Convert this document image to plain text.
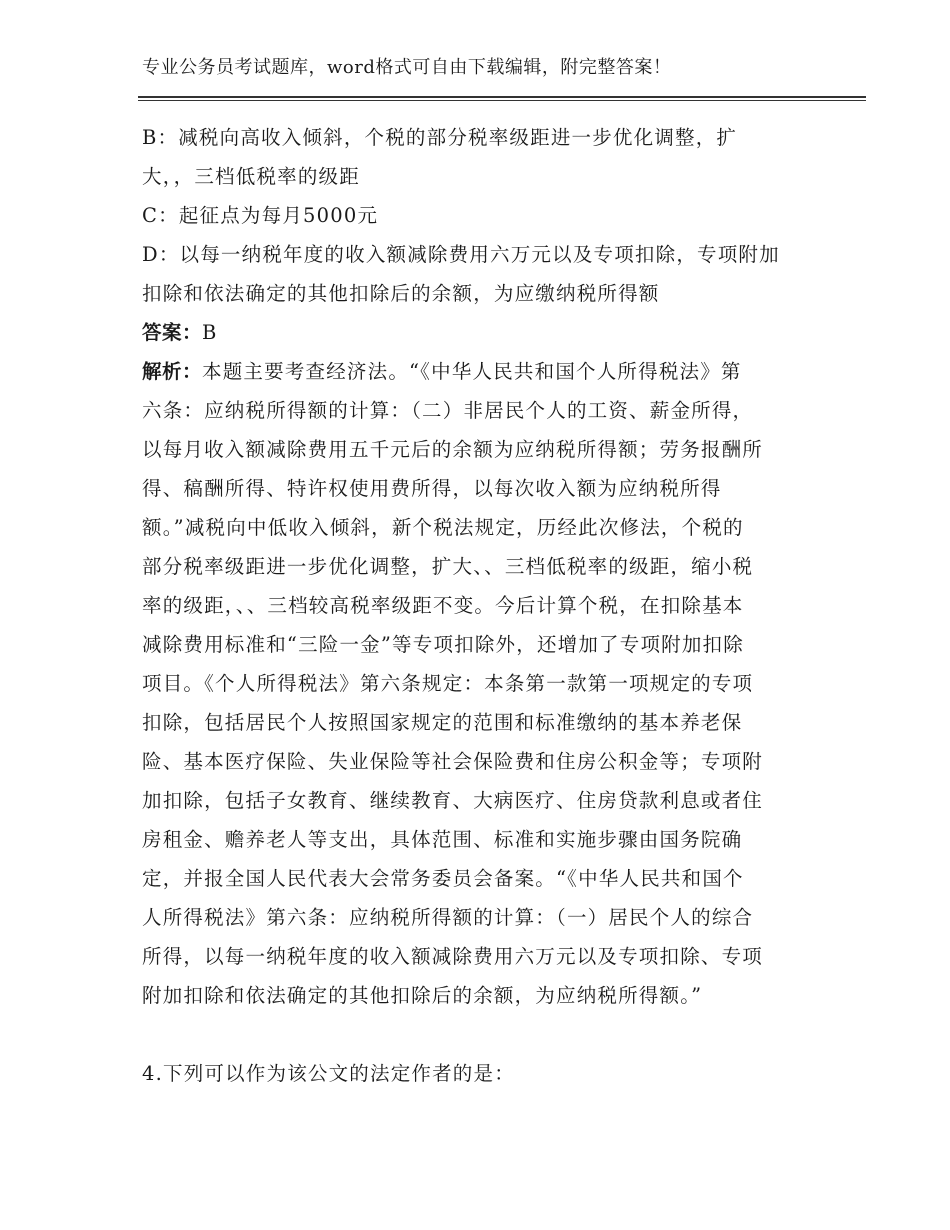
专业公务员考试题库，word格式可自由下载编辑，附完整答案！
B：减税向高收入倾斜，个税的部分税率级距进一步优化调整，扩
大，，三档低税率的级距
C：起征点为每月5000元
D：以每一纳税年度的收入额减除费用六万元以及专项扣除，专项附加
扣除和依法确定的其他扣除后的余额，为应缴纳税所得额
答案：B
解析：本题主要考查经济法。“《中华人民共和国个人所得税法》第
六条：应纳税所得额的计算：（二）非居民个人的工资、薪金所得，
以每月收入额减除费用五千元后的余额为应纳税所得额；劳务报酬所
得、稿酬所得、特许权使用费所得，以每次收入额为应纳税所得
额。”减税向中低收入倾斜，新个税法规定，历经此次修法，个税的
部分税率级距进一步优化调整，扩大、、三档低税率的级距，缩小税
率的级距，、、三档较高税率级距不变。今后计算个税，在扣除基本
减除费用标准和“三险一金”等专项扣除外，还增加了专项附加扣除
项目。《个人所得税法》第六条规定：本条第一款第一项规定的专项
扣除，包括居民个人按照国家规定的范围和标准缴纳的基本养老保
险、基本医疗保险、失业保险等社会保险费和住房公积金等；专项附
加扣除，包括子女教育、继续教育、大病医疗、住房贷款利息或者住
房租金、赡养老人等支出，具体范围、标准和实施步骤由国务院确
定，并报全国人民代表大会常务委员会备案。“《中华人民共和国个
人所得税法》第六条：应纳税所得额的计算：（一）居民个人的综合
所得，以每一纳税年度的收入额减除费用六万元以及专项扣除、专项
附加扣除和依法确定的其他扣除后的余额，为应纳税所得额。”
4.下列可以作为该公文的法定作者的是：
